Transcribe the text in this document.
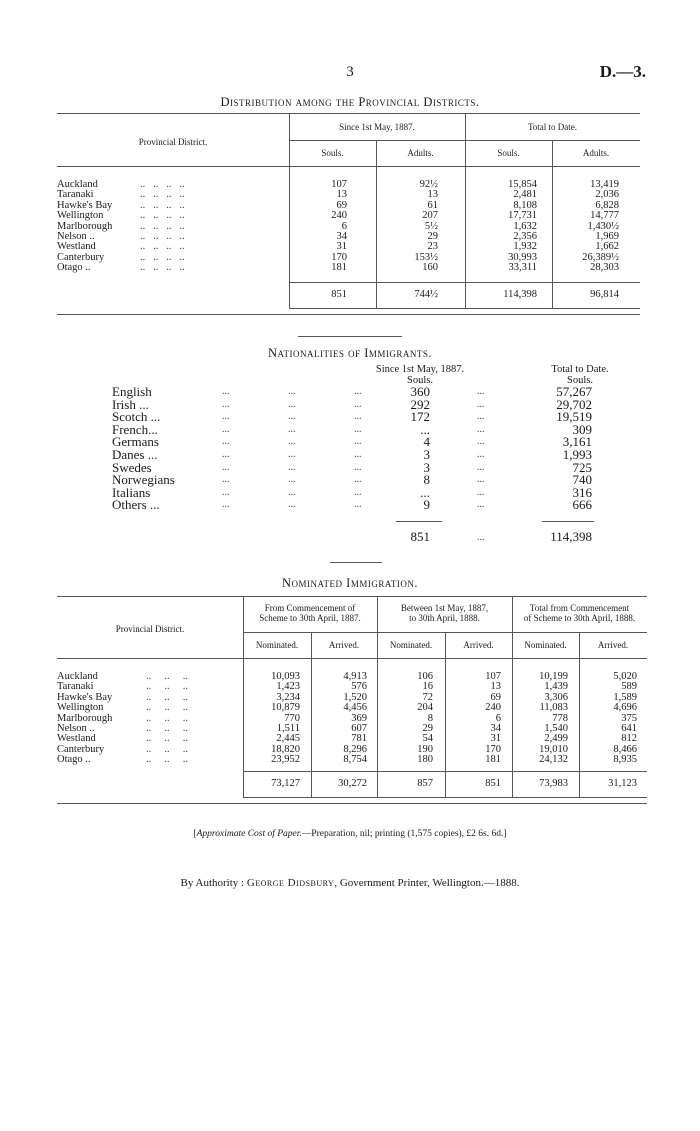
3	D.—3.
Distribution among the Provincial Districts.
Provincial District.
Since 1st May, 1887.	Total to Date.
Souls.	Adults.	Souls.	Adults.
Auckland	..   ..   ..   ..	107	92½	15,854	13,419
Taranaki	..   ..   ..   ..	13	13	2,481	2,036
Hawke's Bay	..   ..   ..   ..	69	61	8,108	6,828
Wellington	..   ..   ..   ..	240	207	17,731	14,777
Marlborough	..   ..   ..   ..	6	5½	1,632	1,430½
Nelson ..	..   ..   ..   ..	34	29	2,356	1,969
Westland	..   ..   ..   ..	31	23	1,932	1,662
Canterbury	..   ..   ..   ..	170	153½	30,993	26,389½
Otago ..	..   ..   ..   ..	181	160	33,311	28,303
851	744½	114,398	96,814
Nationalities of Immigrants.
Since 1st May, 1887.
Souls.
Total to Date.
Souls.
English	...	...	...	360	...	57,267
Irish ...	...	...	...	292	...	29,702
Scotch ...	...	...	...	172	...	19,519
French...	...	...	...	...	...	309
Germans	...	...	...	4	...	3,161
Danes ...	...	...	...	3	...	1,993
Swedes	...	...	...	3	...	725
Norwegians	...	...	...	8	...	740
Italians	...	...	...	...	...	316
Others ...	...	...	...	9	...	666
851	...	114,398
Nominated Immigration.
Provincial District.
From Commencement of
Scheme to 30th April, 1887.
Between 1st May, 1887,
to 30th April, 1888.
Total from Commencement
of Scheme to 30th April, 1888.
Nominated.	Arrived.	Nominated.	Arrived.	Nominated.	Arrived.
Auckland	..     ..     ..	10,093	4,913	106	107	10,199	5,020
Taranaki	..     ..     ..	1,423	576	16	13	1,439	589
Hawke's Bay	..     ..     ..	3,234	1,520	72	69	3,306	1,589
Wellington	..     ..     ..	10,879	4,456	204	240	11,083	4,696
Marlborough	..     ..     ..	770	369	8	6	778	375
Nelson ..	..     ..     ..	1,511	607	29	34	1,540	641
Westland	..     ..     ..	2,445	781	54	31	2,499	812
Canterbury	..     ..     ..	18,820	8,296	190	170	19,010	8,466
Otago ..	..     ..     ..	23,952	8,754	180	181	24,132	8,935
73,127	30,272	857	851	73,983	31,123
[Approximate Cost of Paper.—Preparation, nil; printing (1,575 copies), £2 6s. 6d.]
By Authority : George Didsbury, Government Printer, Wellington.—1888.
